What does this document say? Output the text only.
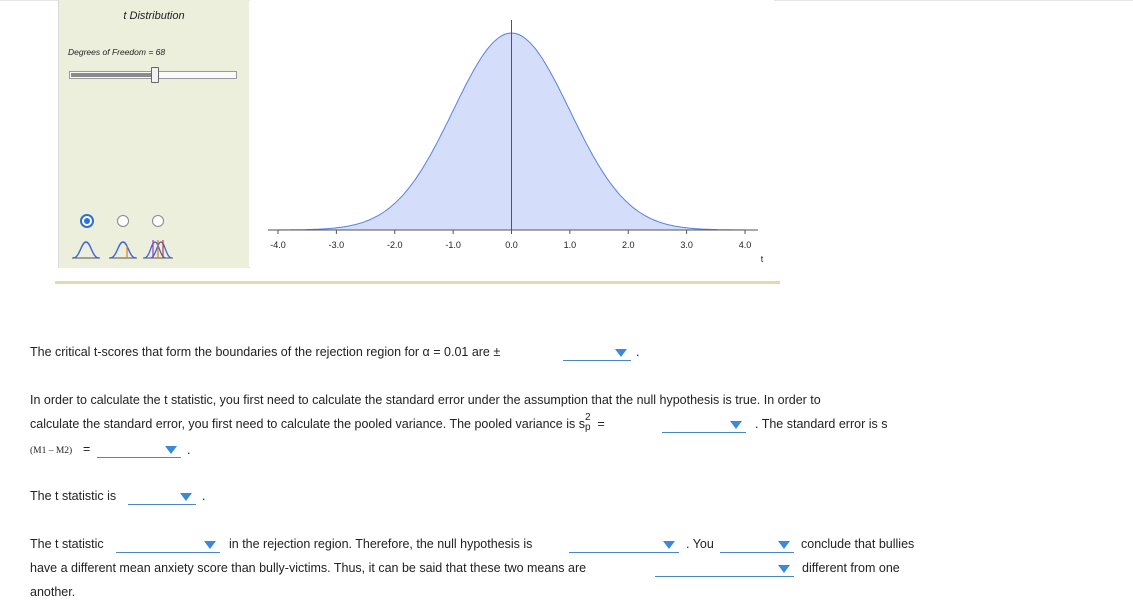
t Distribution
Degrees of Freedom = 68
-4.0	-3.0	-2.0	-1.0	0.0	1.0	2.0	3.0	4.0
t
The critical t-scores that form the boundaries of the rejection region for α = 0.01 are ±	.
In order to calculate the t statistic, you first need to calculate the standard error under the assumption that the null hypothesis is true. In order to
calculate the standard error, you first need to calculate the pooled variance. The pooled variance is s 2
p =	. The standard error is s
(M1 – M2) =	.
The t statistic is	.
The t statistic	in the rejection region. Therefore, the null hypothesis is	. You	conclude that bullies
have a different mean anxiety score than bully-victims. Thus, it can be said that these two means are	different from one
another.
